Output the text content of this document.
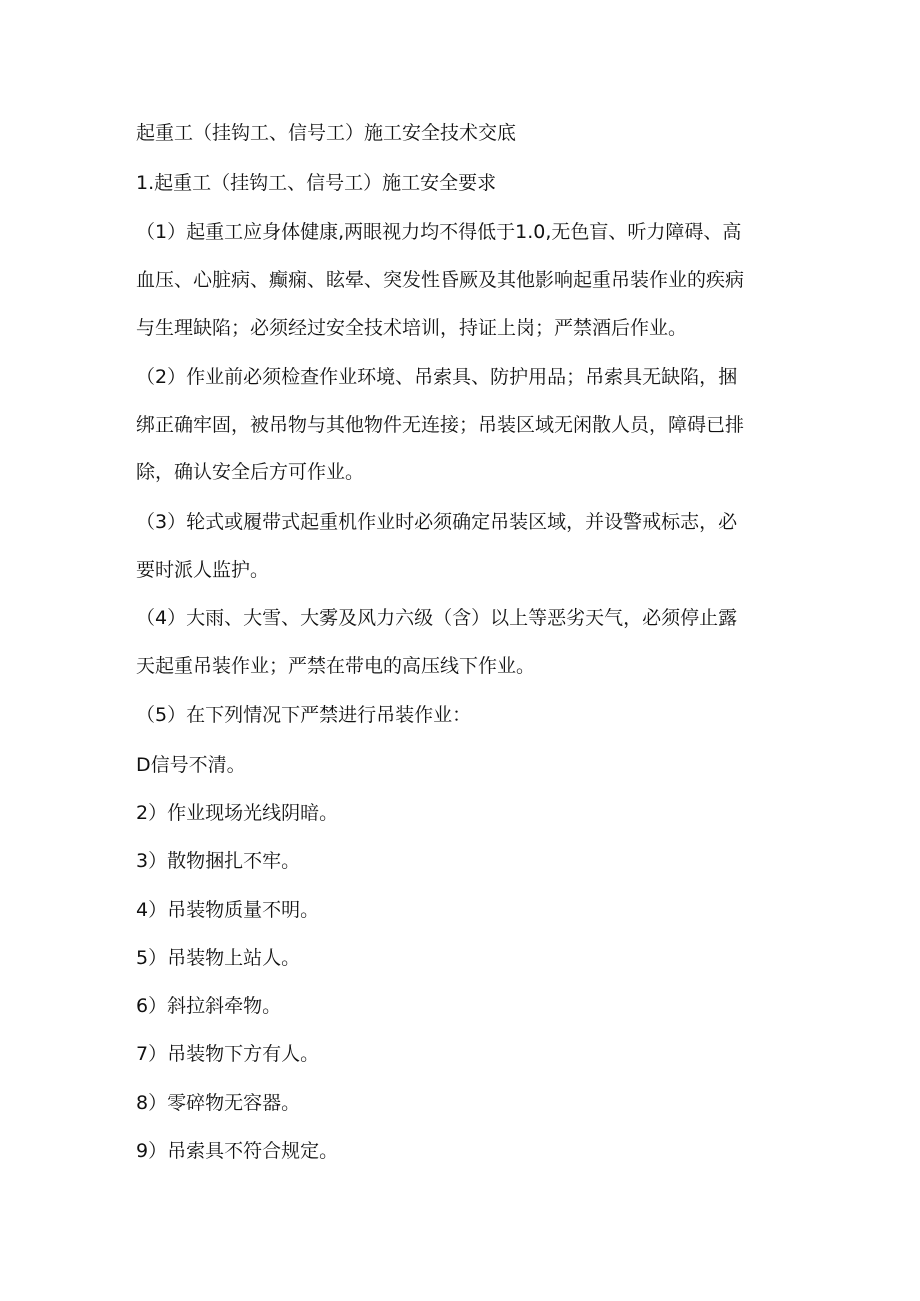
起重工（挂钩工、信号工）施工安全技术交底
1.起重工（挂钩工、信号工）施工安全要求
（1）起重工应身体健康,两眼视力均不得低于1.0,无色盲、听力障碍、高
血压、心脏病、癫痫、眩晕、突发性昏厥及其他影响起重吊装作业的疾病
与生理缺陷；必须经过安全技术培训，持证上岗；严禁酒后作业。
（2）作业前必须检查作业环境、吊索具、防护用品；吊索具无缺陷，捆
绑正确牢固，被吊物与其他物件无连接；吊装区域无闲散人员，障碍已排
除，确认安全后方可作业。
（3）轮式或履带式起重机作业时必须确定吊装区域，并设警戒标志，必
要时派人监护。
（4）大雨、大雪、大雾及风力六级（含）以上等恶劣天气，必须停止露
天起重吊装作业；严禁在带电的高压线下作业。
（5）在下列情况下严禁进行吊装作业：
D信号不清。
2）作业现场光线阴暗。
3）散物捆扎不牢。
4）吊装物质量不明。
5）吊装物上站人。
6）斜拉斜牵物。
7）吊装物下方有人。
8）零碎物无容器。
9）吊索具不符合规定。
